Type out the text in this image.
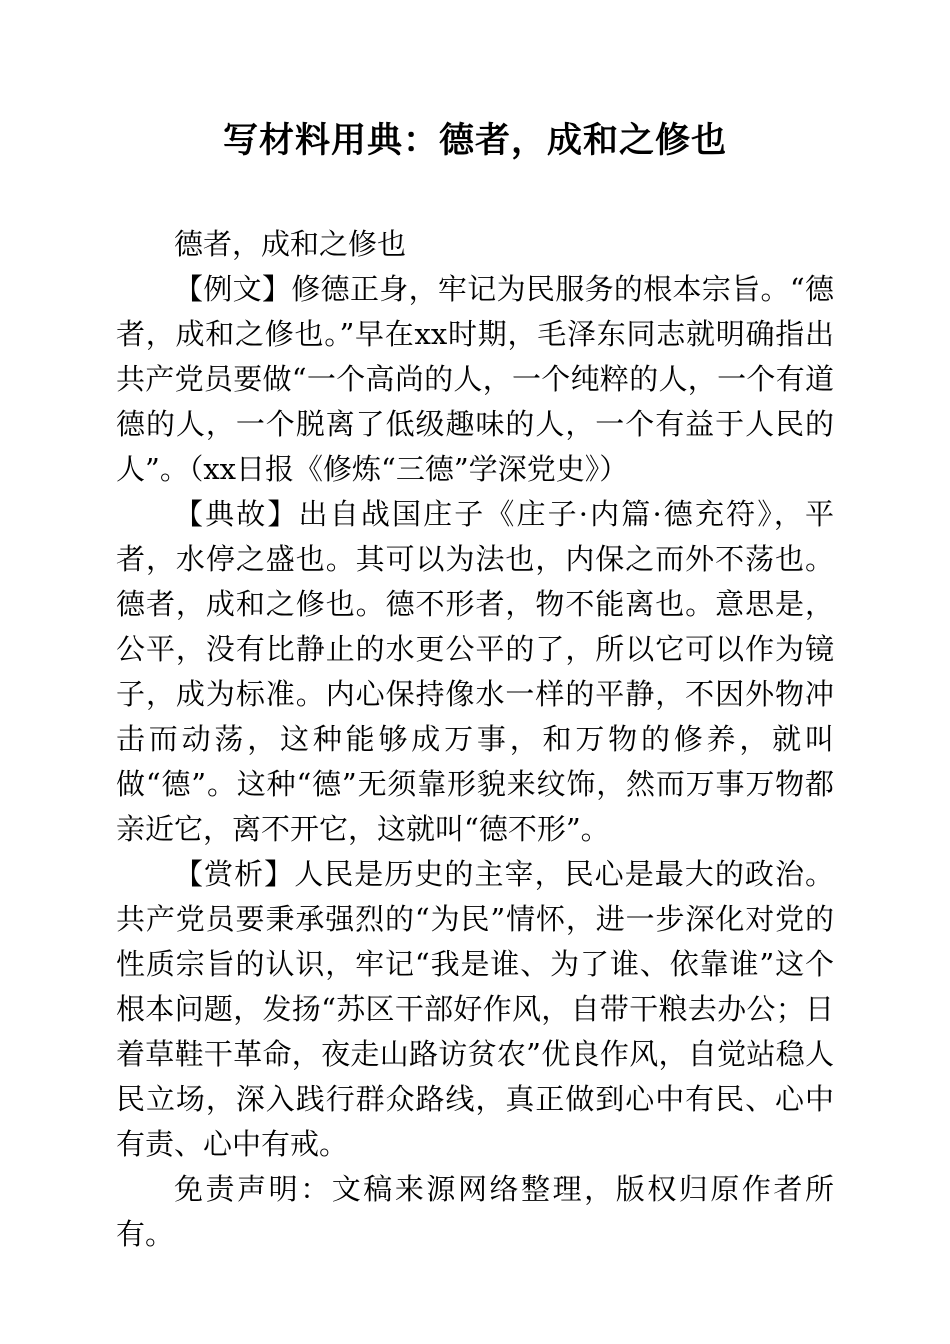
写材料用典：德者，成和之修也

德者，成和之修也

【例文】修德正身，牢记为民服务的根本宗旨。“德者，成和之修也。”早在xx时期，毛泽东同志就明确指出共产党员要做“一个高尚的人，一个纯粹的人，一个有道德的人，一个脱离了低级趣味的人，一个有益于人民的人”。（xx日报《修炼“三德”学深党史》）

【典故】出自战国庄子《庄子·内篇·德充符》，平者，水停之盛也。其可以为法也，内保之而外不荡也。德者，成和之修也。德不形者，物不能离也。意思是，公平，没有比静止的水更公平的了，所以它可以作为镜子，成为标准。内心保持像水一样的平静，不因外物冲击而动荡，这种能够成万事，和万物的修养，就叫做“德”。这种“德”无须靠形貌来纹饰，然而万事万物都亲近它，离不开它，这就叫“德不形”。

【赏析】人民是历史的主宰，民心是最大的政治。共产党员要秉承强烈的“为民”情怀，进一步深化对党的性质宗旨的认识，牢记“我是谁、为了谁、依靠谁”这个根本问题，发扬“苏区干部好作风，自带干粮去办公；日着草鞋干革命，夜走山路访贫农”优良作风，自觉站稳人民立场，深入践行群众路线，真正做到心中有民、心中有责、心中有戒。

免责声明：文稿来源网络整理，版权归原作者所有。
